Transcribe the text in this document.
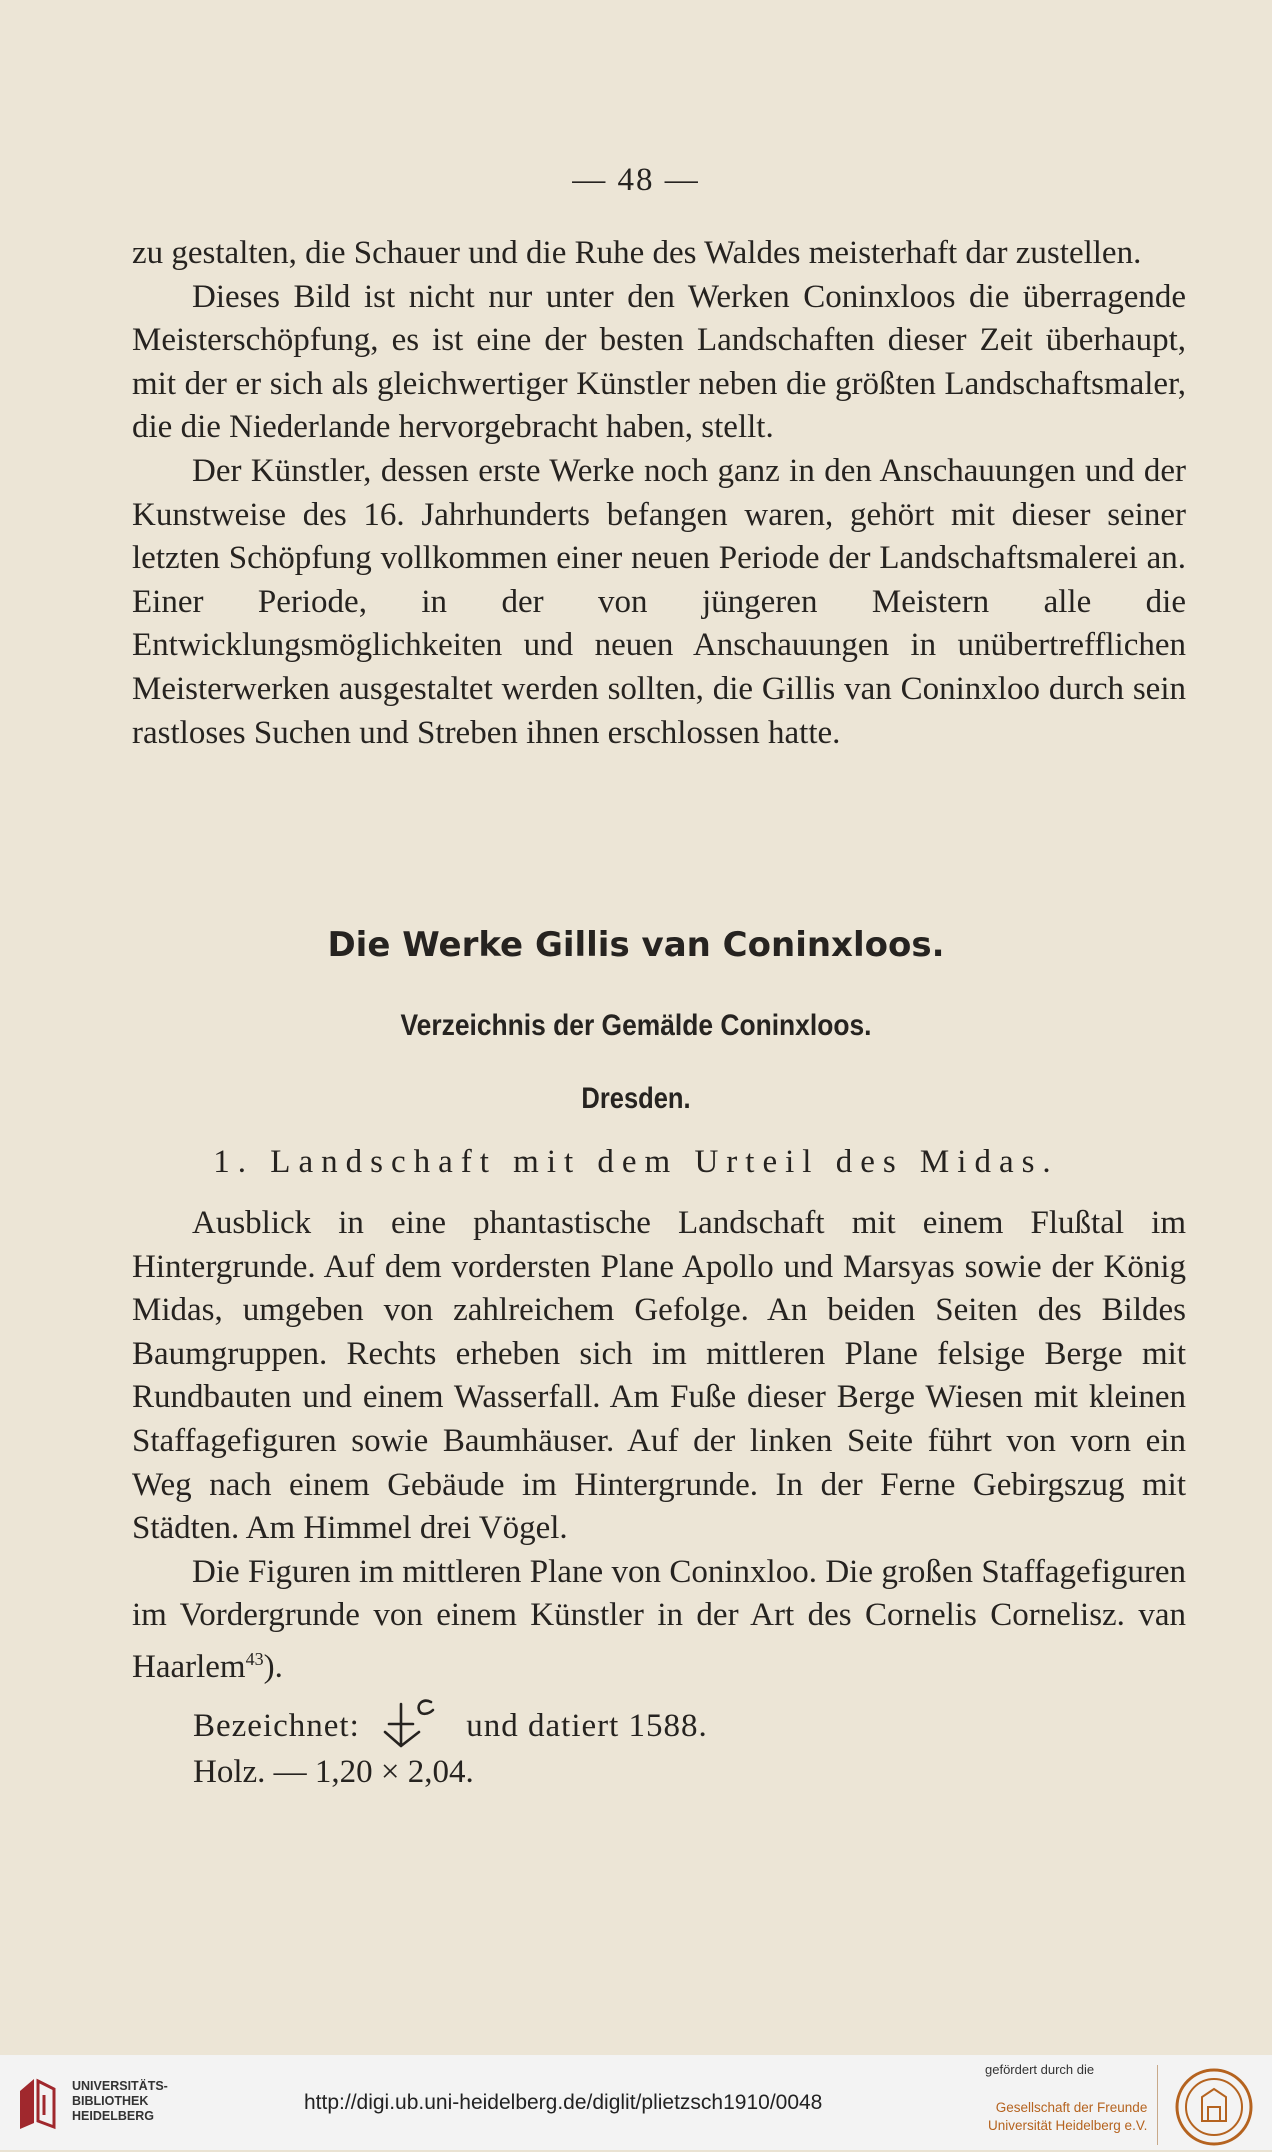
— 48 —

zu gestalten, die Schauer und die Ruhe des Waldes meisterhaft dar zustellen.

Dieses Bild ist nicht nur unter den Werken Coninxloos die überragende Meisterschöpfung, es ist eine der besten Landschaften dieser Zeit überhaupt, mit der er sich als gleichwertiger Künstler neben die größten Landschaftsmaler, die die Niederlande hervorgebracht haben, stellt.

Der Künstler, dessen erste Werke noch ganz in den Anschauungen und der Kunstweise des 16. Jahrhunderts befangen waren, gehört mit dieser seiner letzten Schöpfung vollkommen einer neuen Periode der Landschaftsmalerei an. Einer Periode, in der von jüngeren Meistern alle die Entwicklungsmöglichkeiten und neuen Anschauungen in unübertrefflichen Meisterwerken ausgestaltet werden sollten, die Gillis van Coninxloo durch sein rastloses Suchen und Streben ihnen erschlossen hatte.

Die Werke Gillis van Coninxloos.
Verzeichnis der Gemälde Coninxloos.
Dresden.
1. Landschaft mit dem Urteil des Midas.

Ausblick in eine phantastische Landschaft mit einem Flußtal im Hintergrunde. Auf dem vordersten Plane Apollo und Marsyas sowie der König Midas, umgeben von zahlreichem Gefolge. An beiden Seiten des Bildes Baumgruppen. Rechts erheben sich im mittleren Plane felsige Berge mit Rundbauten und einem Wasserfall. Am Fuße dieser Berge Wiesen mit kleinen Staffagefiguren sowie Baumhäuser. Auf der linken Seite führt von vorn ein Weg nach einem Gebäude im Hintergrunde. In der Ferne Gebirgszug mit Städten. Am Himmel drei Vögel.

Die Figuren im mittleren Plane von Coninxloo. Die großen Staffagefiguren im Vordergrunde von einem Künstler in der Art des Cornelis Cornelisz. van Haarlem$^{43}$).

Bezeichnet:	und datiert 1588.
Holz. — 1,20 × 2,04.
UNIVERSITÄTS-
BIBLIOTHEK
HEIDELBERG
http://digi.ub.uni-heidelberg.de/diglit/plietzsch1910/0048
gefördert durch die
Gesellschaft der Freunde
Universität Heidelberg e.V.
